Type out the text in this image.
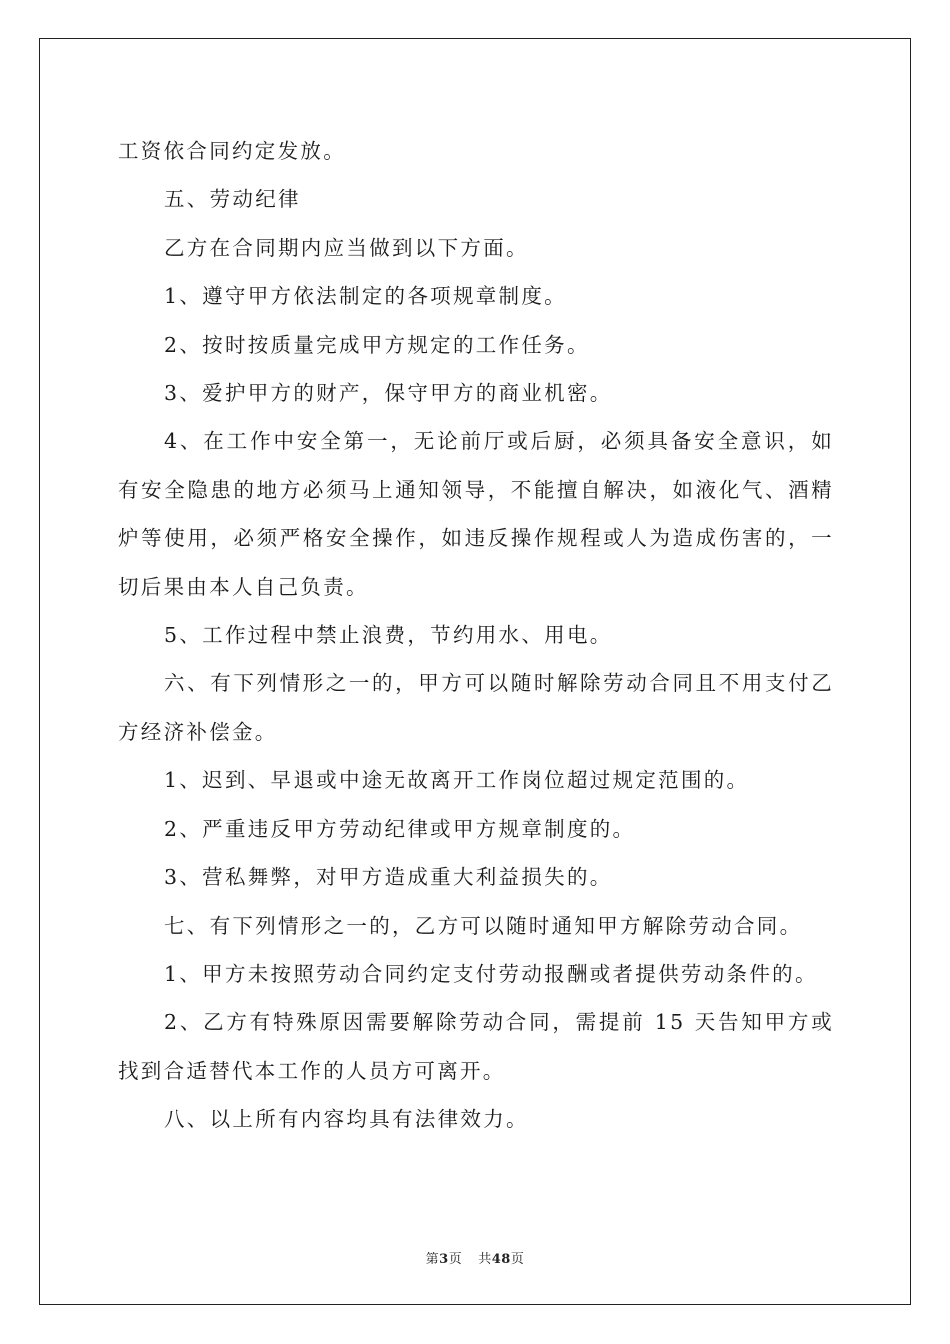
工资依合同约定发放。

五、劳动纪律

乙方在合同期内应当做到以下方面。

1、遵守甲方依法制定的各项规章制度。

2、按时按质量完成甲方规定的工作任务。

3、爱护甲方的财产，保守甲方的商业机密。

4、在工作中安全第一，无论前厅或后厨，必须具备安全意识，如有安全隐患的地方必须马上通知领导，不能擅自解决，如液化气、酒精炉等使用，必须严格安全操作，如违反操作规程或人为造成伤害的，一切后果由本人自己负责。

5、工作过程中禁止浪费，节约用水、用电。

六、有下列情形之一的，甲方可以随时解除劳动合同且不用支付乙方经济补偿金。

1、迟到、早退或中途无故离开工作岗位超过规定范围的。

2、严重违反甲方劳动纪律或甲方规章制度的。

3、营私舞弊，对甲方造成重大利益损失的。

七、有下列情形之一的，乙方可以随时通知甲方解除劳动合同。

1、甲方未按照劳动合同约定支付劳动报酬或者提供劳动条件的。

2、乙方有特殊原因需要解除劳动合同，需提前 15 天告知甲方或找到合适替代本工作的人员方可离开。

八、以上所有内容均具有法律效力。

第3页 共48页
